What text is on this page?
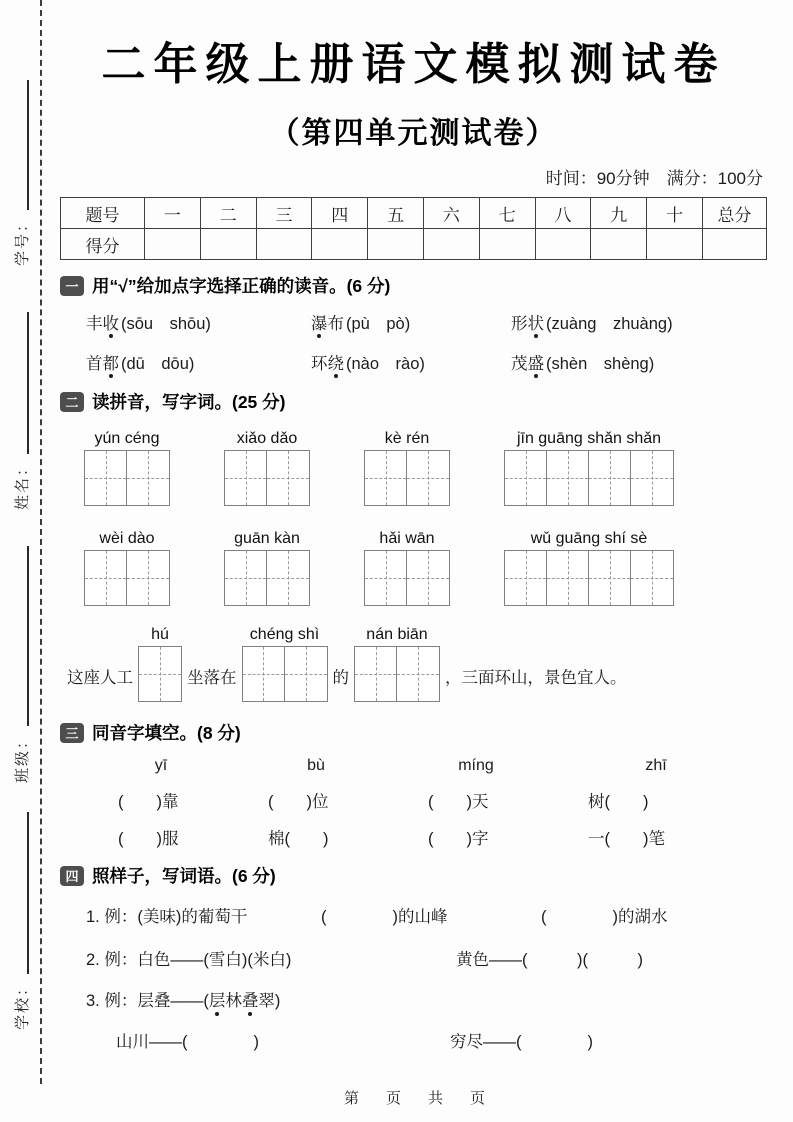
学号：
姓名：
班级：
学校：
二年级上册语文模拟测试卷
（第四单元测试卷）
时间：90分钟　满分：100分
题号	一	二	三	四	五	六	七	八	九	十	总分
得分											
一 用“√”给加点字选择正确的读音。(6 分)
丰收 (sōu　shōu)	瀑布 (pù　pò)	形状 (zuàng　zhuàng)
首都 (dū　dōu)	环绕 (nào　rào)	茂盛 (shèn　shèng)
二 读拼音，写字词。(25 分)
yún céng	xiǎo dǎo	kè rén	jīn guāng shǎn shǎn
wèi dào	guān kàn	hǎi wān	wǔ guāng shí sè
这座人工
hú
坐落在
chéng shì
的
nán biān
，三面环山，景色宜人。
三 同音字填空。(8 分)
yī	bù	míng	zhī
(　　)靠	(　　)位	(　　)天	树(　　)
(　　)服	棉(　　)	(　　)字	一(　　)笔
四 照样子，写词语。(6 分)
1. 例：(美味)的葡萄干	(　　　　)的山峰	(　　　　)的湖水
2. 例：白色——(雪白)(米白)	黄色——(　　　)(　　　)
3. 例：层叠——( 层 林 叠 翠)
山川——(　　　　)	穷尽——(　　　　)
第　页　共　页
